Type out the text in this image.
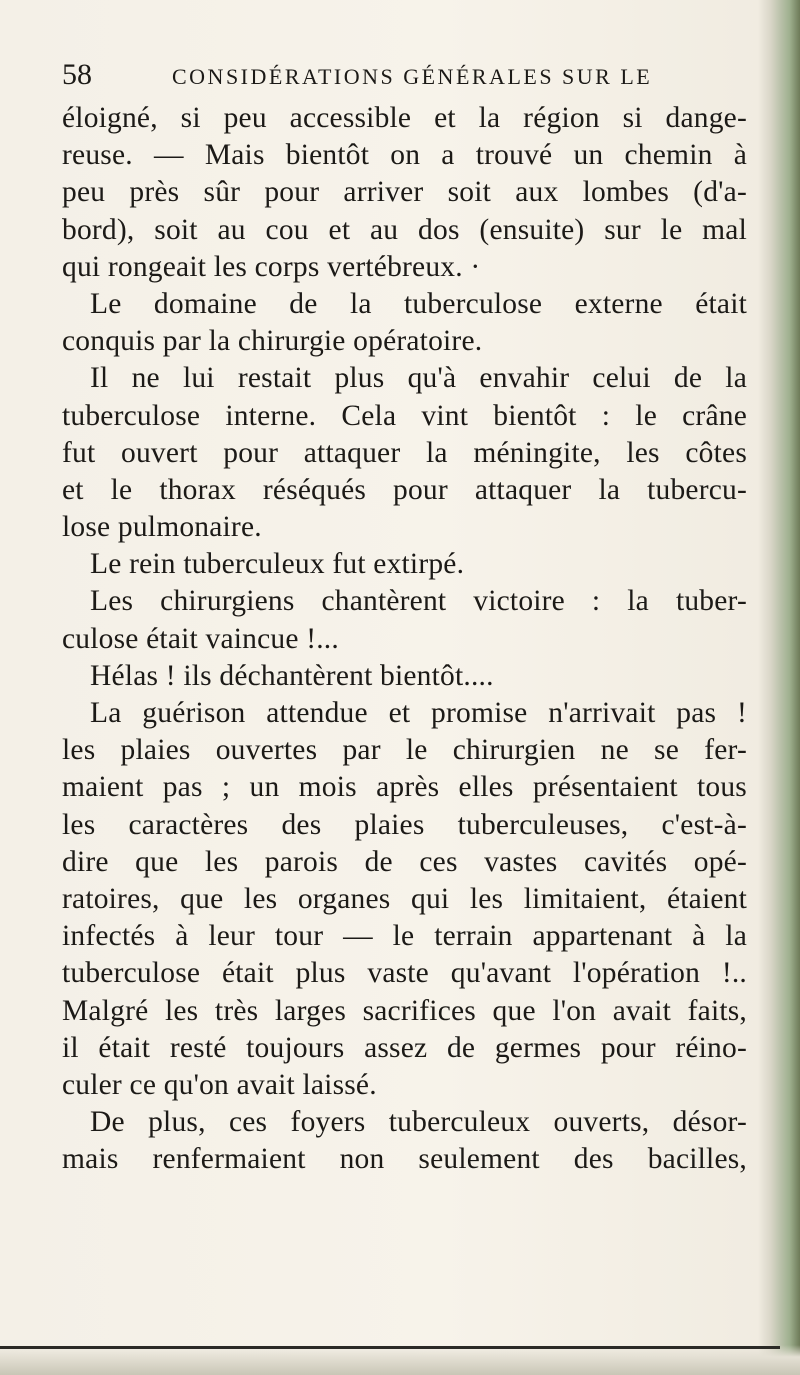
58	CONSIDÉRATIONS GÉNÉRALES SUR LE
éloigné, si peu accessible et la région si dange-
reuse. — Mais bientôt on a trouvé un chemin à
peu près sûr pour arriver soit aux lombes (d'a-
bord), soit au cou et au dos (ensuite) sur le mal
qui rongeait les corps vertébreux. ·
Le domaine de la tuberculose externe était
conquis par la chirurgie opératoire.
Il ne lui restait plus qu'à envahir celui de la
tuberculose interne. Cela vint bientôt : le crâne
fut ouvert pour attaquer la méningite, les côtes
et le thorax réséqués pour attaquer la tubercu-
lose pulmonaire.
Le rein tuberculeux fut extirpé.
Les chirurgiens chantèrent victoire : la tuber-
culose était vaincue !...
Hélas ! ils déchantèrent bientôt....
La guérison attendue et promise n'arrivait pas !
les plaies ouvertes par le chirurgien ne se fer-
maient pas ; un mois après elles présentaient tous
les caractères des plaies tuberculeuses, c'est-à-
dire que les parois de ces vastes cavités opé-
ratoires, que les organes qui les limitaient, étaient
infectés à leur tour — le terrain appartenant à la
tuberculose était plus vaste qu'avant l'opération !..
Malgré les très larges sacrifices que l'on avait faits,
il était resté toujours assez de germes pour réino-
culer ce qu'on avait laissé.
De plus, ces foyers tuberculeux ouverts, désor-
mais renfermaient non seulement des bacilles,
